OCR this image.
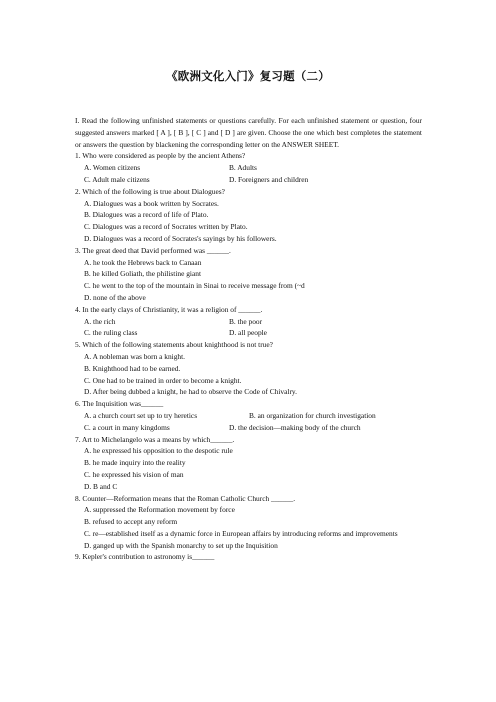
《欧洲文化入门》复习题（二）

I. Read the following unfinished statements or questions carefully. For each unfinished statement or question, four suggested answers marked [ A ], [ B ], [ C ] and [ D ] are given. Choose the one which best completes the statement or answers the question by blackening the corresponding letter on the ANSWER SHEET.

1. Who were considered as people by the ancient Athens?

A. Women citizens	B. Adults
C. Adult male citizens	D. Foreigners and children

2. Which of the following is true about Dialogues?

A. Dialogues was a book written by Socrates.

B. Dialogues was a record of life of Plato.

C. Dialogues was a record of Socrates written by Plato.

D. Dialogues was a record of Socrates's sayings by his followers.

3. The great deed that David performed was ______.

A. he took the Hebrews back to Canaan

B. he killed Goliath, the philistine giant

C. he went to the top of the mountain in Sinai to receive message from (~d

D. none of the above

4. In the early clays of Christianity, it was a religion of ______.

A. the rich	B. the poor
C. the ruling class	D. all people

5. Which of the following statements about knighthood is not true?

A. A nobleman was born a knight.

B. Knighthood had to be earned.

C. One had to be trained in order to become a knight.

D. After being dubbed a knight, he had to observe the Code of Chivalry.

6. The Inquisition was______

A. a church court set up to try heretics	B. an organization for church investigation
C. a court in many kingdoms	D. the decision—making body of the church

7. Art to Michelangelo was a means by which______.

A. he expressed his opposition to the despotic rule

B. he made inquiry into the reality

C. he expressed his vision of man

D. B and C

8. Counter—Reformation means that the Roman Catholic Church ______.

A. suppressed the Reformation movement by force

B. refused to accept any reform

C. re—established itself as a dynamic force in European affairs by introducing reforms and improvements

D. ganged up with the Spanish monarchy to set up the Inquisition

9. Kepler's contribution to astronomy is______
